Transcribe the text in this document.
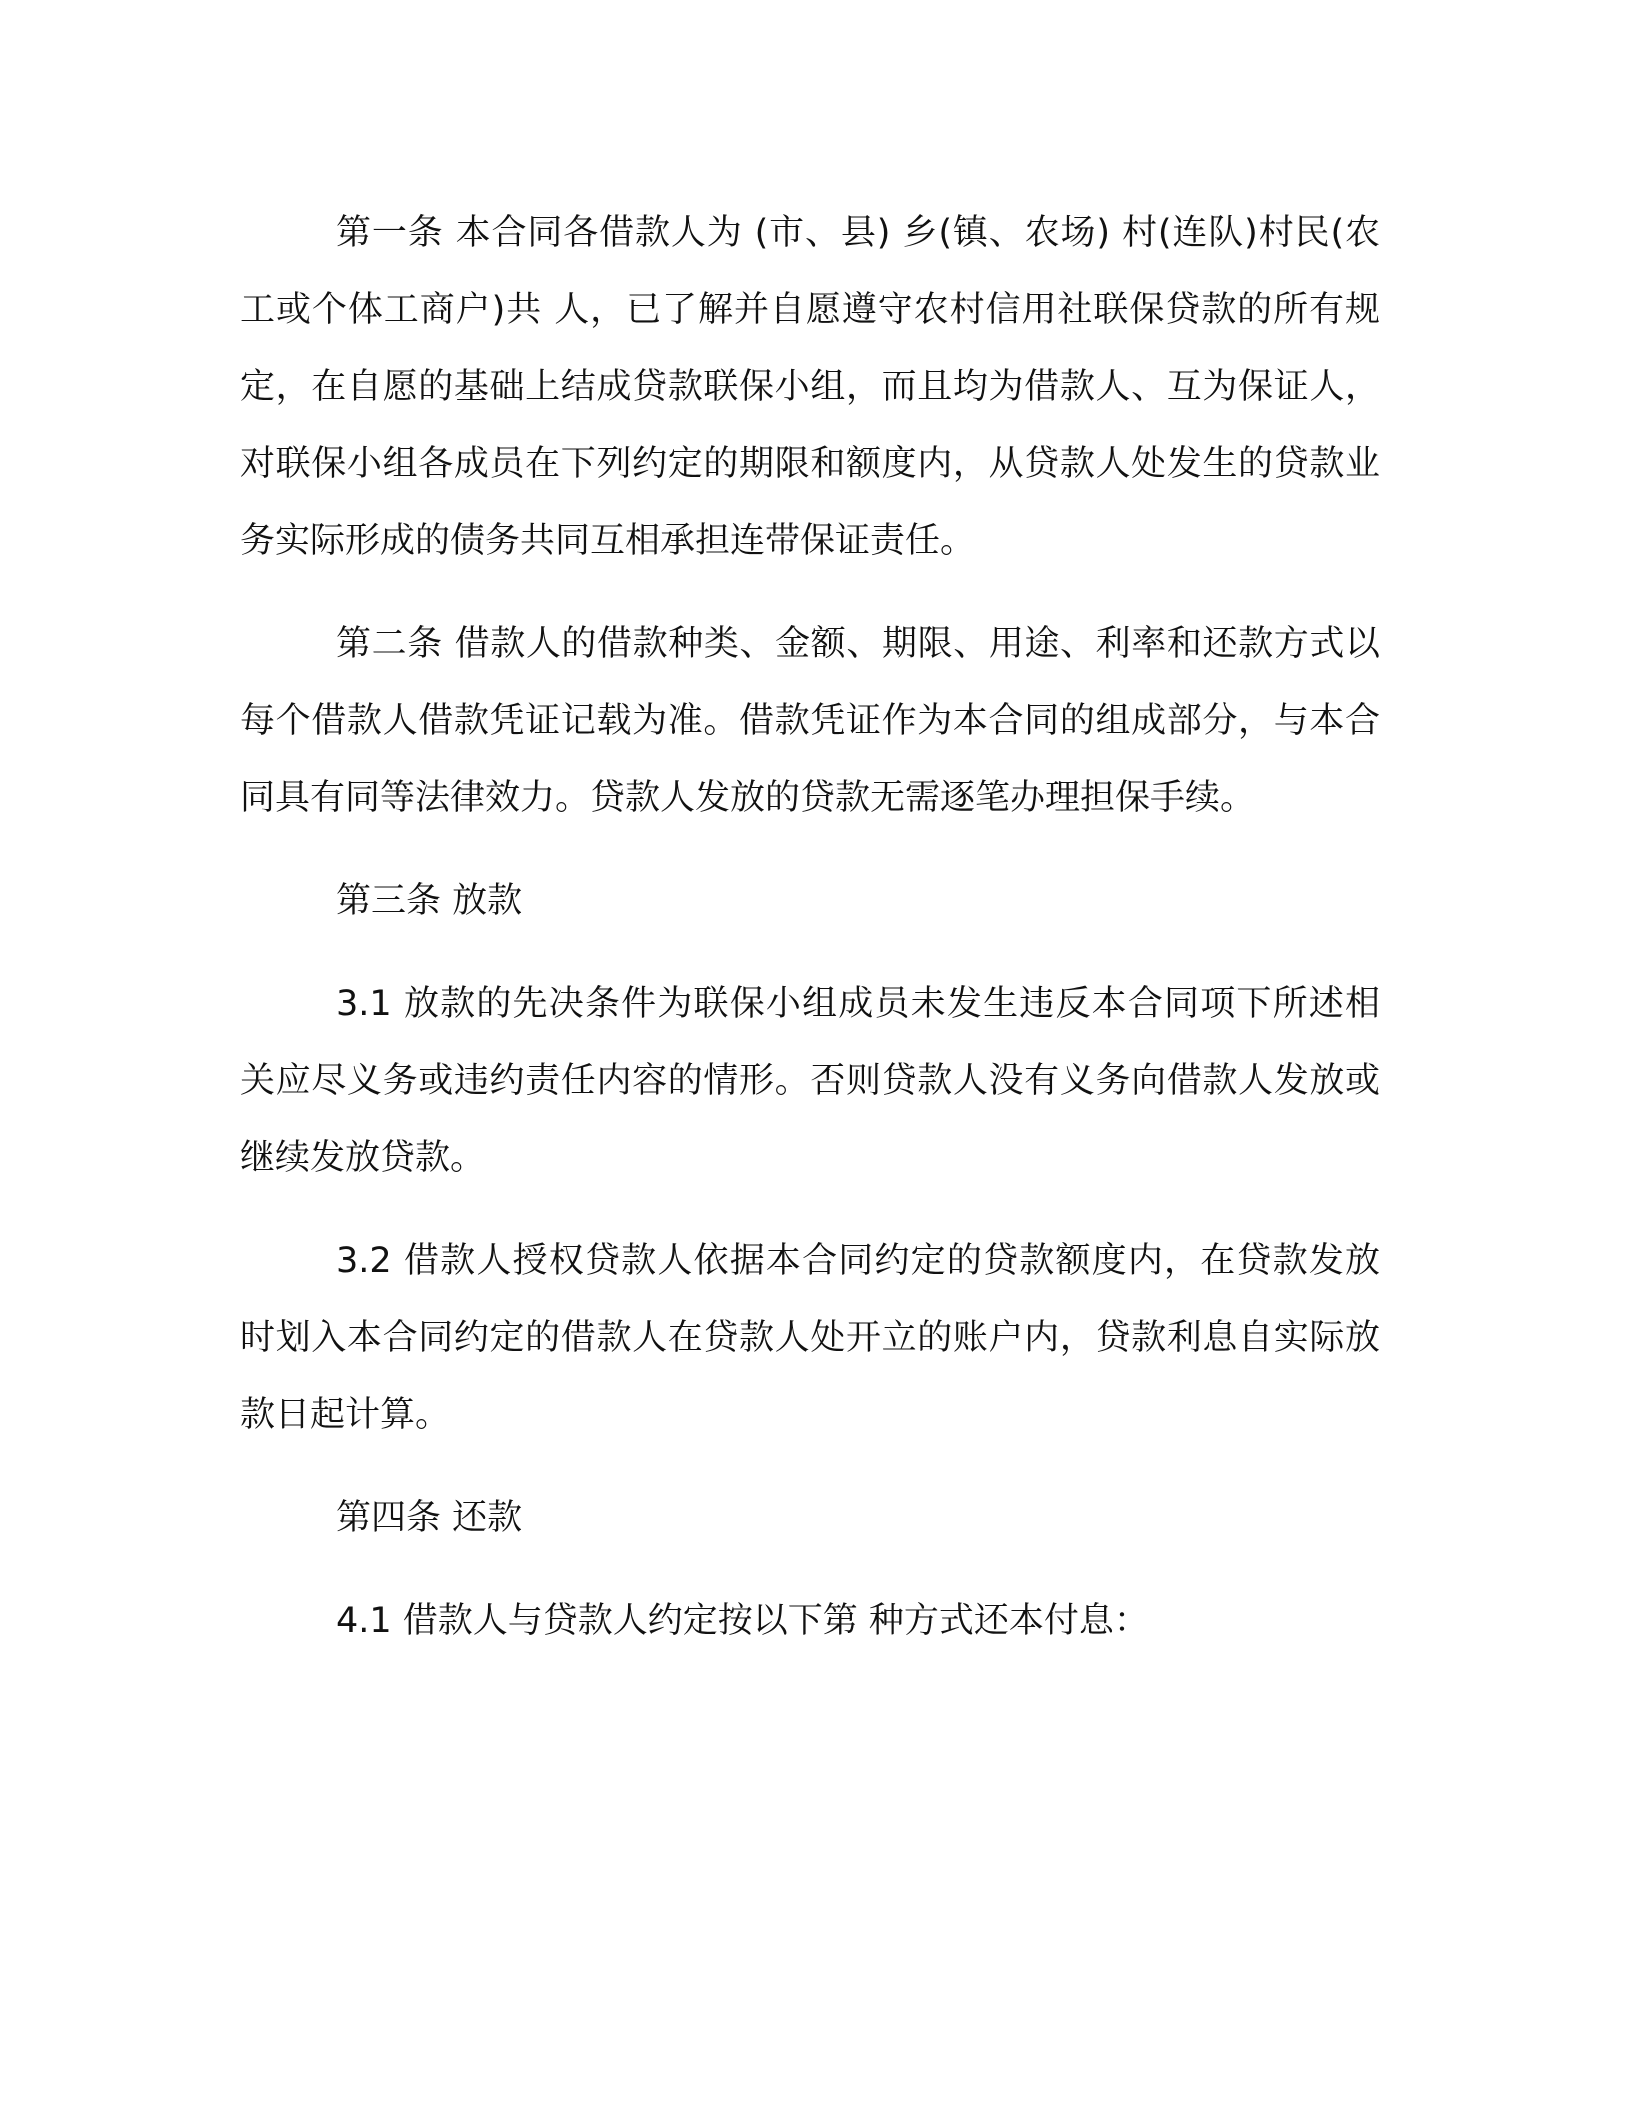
第一条 本合同各借款人为 (市、县) 乡(镇、农场) 村(连队)村民(农工或个体工商户)共 人，已了解并自愿遵守农村信用社联保贷款的所有规定，在自愿的基础上结成贷款联保小组，而且均为借款人、互为保证人，对联保小组各成员在下列约定的期限和额度内，从贷款人处发生的贷款业务实际形成的债务共同互相承担连带保证责任。

第二条 借款人的借款种类、金额、期限、用途、利率和还款方式以每个借款人借款凭证记载为准。借款凭证作为本合同的组成部分，与本合同具有同等法律效力。贷款人发放的贷款无需逐笔办理担保手续。

第三条 放款

3.1 放款的先决条件为联保小组成员未发生违反本合同项下所述相关应尽义务或违约责任内容的情形。否则贷款人没有义务向借款人发放或继续发放贷款。

3.2 借款人授权贷款人依据本合同约定的贷款额度内，在贷款发放时划入本合同约定的借款人在贷款人处开立的账户内，贷款利息自实际放款日起计算。

第四条 还款

4.1 借款人与贷款人约定按以下第 种方式还本付息：
